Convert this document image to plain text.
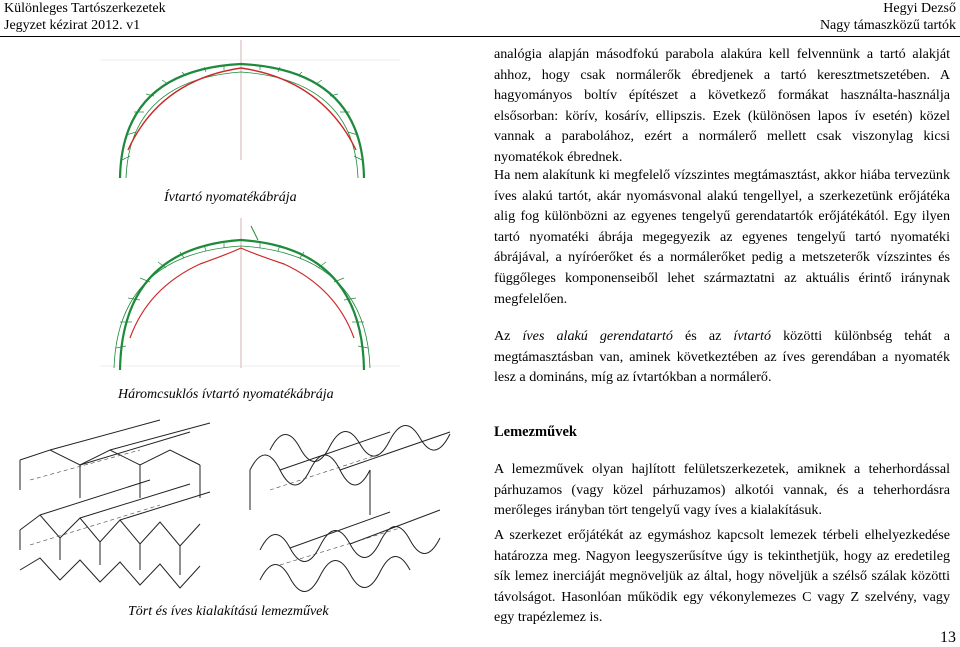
Különleges Tartószerkezetek
Jegyzet kézirat 2012. v1
Hegyi Dezső
Nagy támaszközű tartók
Ívtartó nyomatékábrája
Háromcsuklós ívtartó nyomatékábrája
Tört és íves kialakítású lemezművek
analógia alapján másodfokú parabola alakúra kell felvennünk a tartó alakját ahhoz, hogy csak normálerők ébredjenek a tartó keresztmetszetében. A hagyományos boltív építészet a következő formákat használta-használja elsősorban: körív, kosárív, ellipszis. Ezek (különösen lapos ív esetén) közel vannak a parabolához, ezért a normálerő mellett csak viszonylag kicsi nyomatékok ébrednek.
Ha nem alakítunk ki megfelelő vízszintes megtámasztást, akkor hiába tervezünk íves alakú tartót, akár nyomásvonal alakú tengellyel, a szerkezetünk erőjátéka alig fog különbözni az egyenes tengelyű gerendatartók erőjátékától. Egy ilyen tartó nyomatéki ábrája megegyezik az egyenes tengelyű tartó nyomatéki ábrájával, a nyíróerőket és a normálerőket pedig a metszeterők vízszintes és függőleges komponenseiből lehet származtatni az aktuális érintő iránynak megfelelően.
Az íves alakú gerendatartó és az ívtartó közötti különbség tehát a megtámasztásban van, aminek következtében az íves gerendában a nyomaték lesz a domináns, míg az ívtartókban a normálerő.
Lemezművek
A lemezművek olyan hajlított felületszerkezetek, amiknek a teherhordással párhuzamos (vagy közel párhuzamos) alkotói vannak, és a teherhordásra merőleges irányban tört tengelyű vagy íves a kialakításuk.
A szerkezet erőjátékát az egymáshoz kapcsolt lemezek térbeli elhelyezkedése határozza meg. Nagyon leegyszerűsítve úgy is tekinthetjük, hogy az eredetileg sík lemez inerciáját megnöveljük az által, hogy növeljük a szélső szálak közötti távolságot. Hasonlóan működik egy vékonylemezes C vagy Z szelvény, vagy egy trapézlemez is.
13
